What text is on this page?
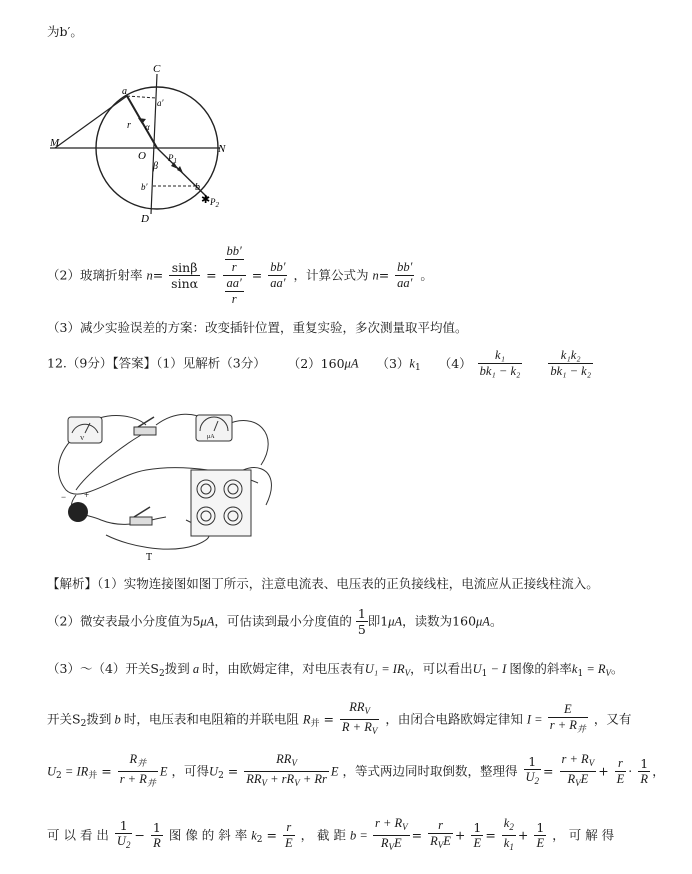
为b′。
✱
C
D
M	N
O
a
a′
r α
β
$P_1$
b′	b
$P_2$
（2）玻璃折射率 $n= \frac{\sin\beta}{\sin\alpha} = \frac{\frac{bb'}{r}}{\frac{aa'}{r}} = \frac{bb'}{aa'}$ ，计算公式为 $n= \frac{bb'}{aa'}$ 。
（3）减少实验误差的方案：改变插针位置，重复实验，多次测量取平均值。
12.（9分）【答案】（1）见解析（3分） （2）160μA $(3)k_1$ $(4) \frac{\text{k₁}}{\text{bk₁ − k₂}}$
$\frac{\text{k₁k₂}}{\text{bk₁ − k₂}}$
V	μA
− +
T
【解析】（1）实物连接图如图丁所示，注意电流表、电压表的正负接线柱，电流应从正接线柱流入。
（2）微安表最小分度值为5μA，可估读到最小分度值的 $\frac{1}{5}$ 即1μA，读数为160μA。
（3）～（4）开关$S_2$拨到 a 时，由欧姆定律，对电压表有$U_1 = IR_V$，可以看出$U_1 - I$ 图像的斜率$k_1 = R_V$。
开关$S_2$拨到 b 时，电压表和电阻箱的并联电阻 $R_并 = \frac{RR_V}{R + R_V}$ ，由闭合电路欧姆定律知 $I = \frac{E}{r + R_并}$ ，又有
$U_2 = IR_并 = \frac{R_并}{r + R_并}$ E ，可得$U_2 = \frac{RR_V}{RR_V + rR_V + Rr}$ E ，等式两边同时取倒数，整理得 $\frac{1}{U_2} = \frac{r + R_V}{R_VE} + \frac{r}{E} \cdot \frac{1}{R}$ ，
可 以 看 出 $\frac{1}{U_2} - \frac{1}{R}$ 图 像 的 斜 率 $k_2 = \frac{r}{E}$ ， 截 距 $b = \frac{r + R_V}{R_VE} = \frac{r}{R_VE} + \frac{1}{E} = \frac{k_2}{k_1} + \frac{1}{E}$ ， 可 解 得
